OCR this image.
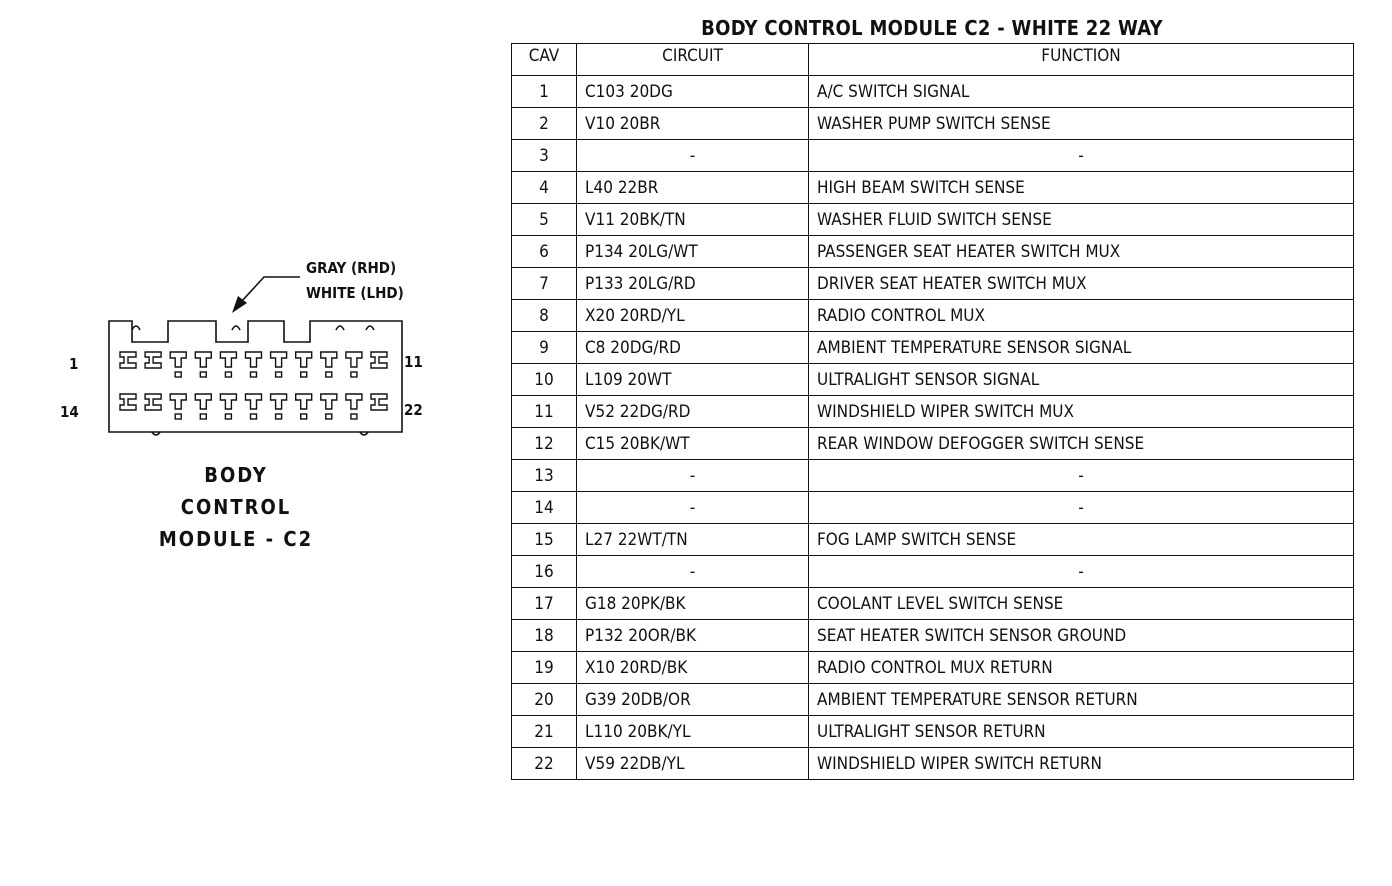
GRAY (RHD)
WHITE (LHD)
1	11
14	22
BODY
CONTROL
MODULE - C2
BODY CONTROL MODULE C2 - WHITE 22 WAY
CAV	CIRCUIT	FUNCTION
1	C103 20DG	A/C SWITCH SIGNAL
2	V10 20BR	WASHER PUMP SWITCH SENSE
3	-	-
4	L40 22BR	HIGH BEAM SWITCH SENSE
5	V11 20BK/TN	WASHER FLUID SWITCH SENSE
6	P134 20LG/WT	PASSENGER SEAT HEATER SWITCH MUX
7	P133 20LG/RD	DRIVER SEAT HEATER SWITCH MUX
8	X20 20RD/YL	RADIO CONTROL MUX
9	C8 20DG/RD	AMBIENT TEMPERATURE SENSOR SIGNAL
10	L109 20WT	ULTRALIGHT SENSOR SIGNAL
11	V52 22DG/RD	WINDSHIELD WIPER SWITCH MUX
12	C15 20BK/WT	REAR WINDOW DEFOGGER SWITCH SENSE
13	-	-
14	-	-
15	L27 22WT/TN	FOG LAMP SWITCH SENSE
16	-	-
17	G18 20PK/BK	COOLANT LEVEL SWITCH SENSE
18	P132 20OR/BK	SEAT HEATER SWITCH SENSOR GROUND
19	X10 20RD/BK	RADIO CONTROL MUX RETURN
20	G39 20DB/OR	AMBIENT TEMPERATURE SENSOR RETURN
21	L110 20BK/YL	ULTRALIGHT SENSOR RETURN
22	V59 22DB/YL	WINDSHIELD WIPER SWITCH RETURN
